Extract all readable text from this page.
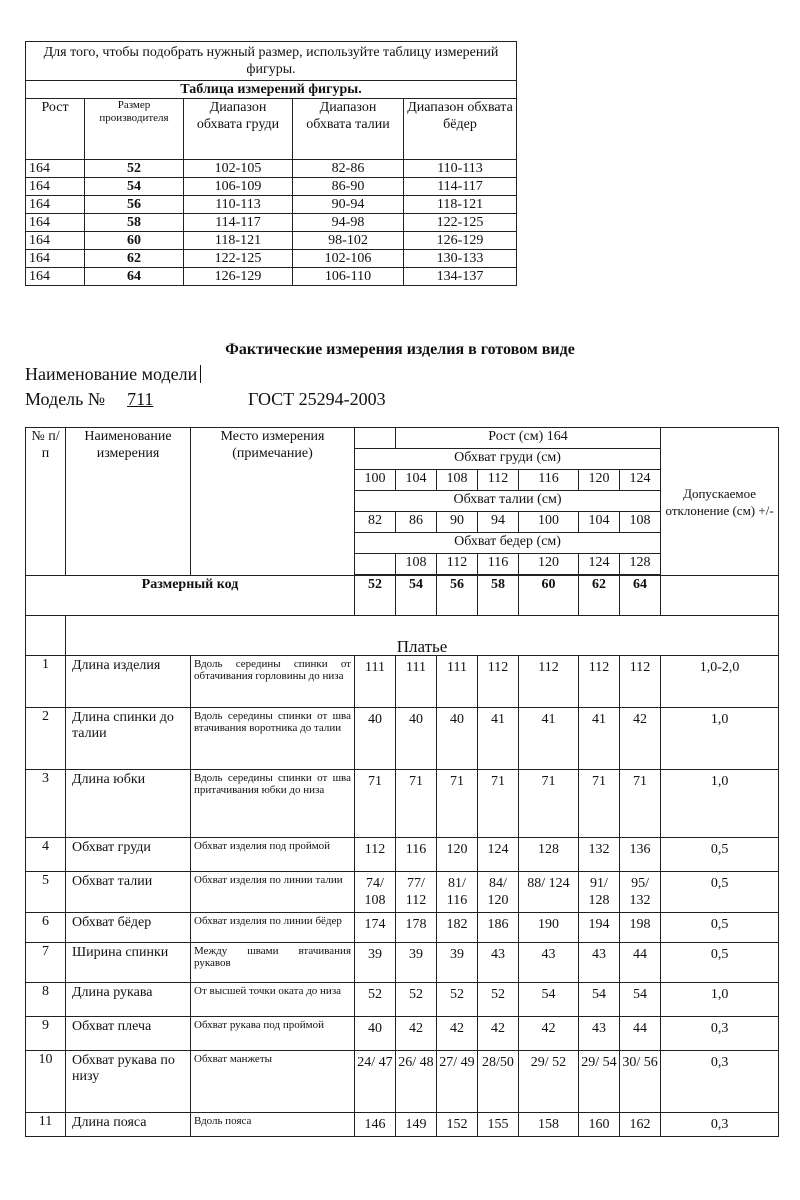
Для того, чтобы подобрать нужный размер, используйте таблицу измерений фигуры.				
Таблица измерений фигуры.				
Рост	Размер производителя	Диапазон обхвата груди	Диапазон обхвата талии	Диапазон обхвата бёдер
164	52	102-105	82-86	110-113
164	54	106-109	86-90	114-117
164	56	110-113	90-94	118-121
164	58	114-117	94-98	122-125
164	60	118-121	98-102	126-129
164	62	122-125	102-106	130-133
164	64	126-129	106-110	134-137
Фактические измерения изделия в готовом виде
Наименование модели
Модель № 711	ГОСТ 25294-2003
№ п/п	Наименование измерения	Место измерения (примечание)		Рост (см) 164						Допускаемое отклонение (см) +/-
			Обхват груди (см)							
			100	104	108	112	116	120	124	
			Обхват талии (см)							
			82	86	90	94	100	104	108	
			Обхват бедер (см)							
				108	112	116	120	124	128	

Размерный код			52	54	56	58	60	62	64	
	Платье									
1	Длина изделия	Вдоль середины спинки от обтачивания горловины до низа	111	111	111	112	112	112	112	1,0-2,0
2	Длина спинки до талии	Вдоль середины спинки от шва втачивания воротника до талии	40	40	40	41	41	41	42	1,0
3	Длина юбки	Вдоль середины спинки от шва притачивания юбки до низа	71	71	71	71	71	71	71	1,0
4	Обхват груди	Обхват изделия под проймой	112	116	120	124	128	132	136	0,5
5	Обхват талии	Обхват изделия по линии талии	74/ 108	77/ 112	81/ 116	84/ 120	88/ 124	91/ 128	95/ 132	0,5
6	Обхват бёдер	Обхват изделия по линии бёдер	174	178	182	186	190	194	198	0,5
7	Ширина спинки	Между швами втачивания рукавов	39	39	39	43	43	43	44	0,5
8	Длина рукава	От высшей точки оката до низа	52	52	52	52	54	54	54	1,0
9	Обхват плеча	Обхват рукава под проймой	40	42	42	42	42	43	44	0,3
10	Обхват рукава по низу	Обхват манжеты	24/ 47	26/ 48	27/ 49	28/50	29/ 52	29/ 54	30/ 56	0,3
11	Длина пояса	Вдоль пояса	146	149	152	155	158	160	162	0,3
